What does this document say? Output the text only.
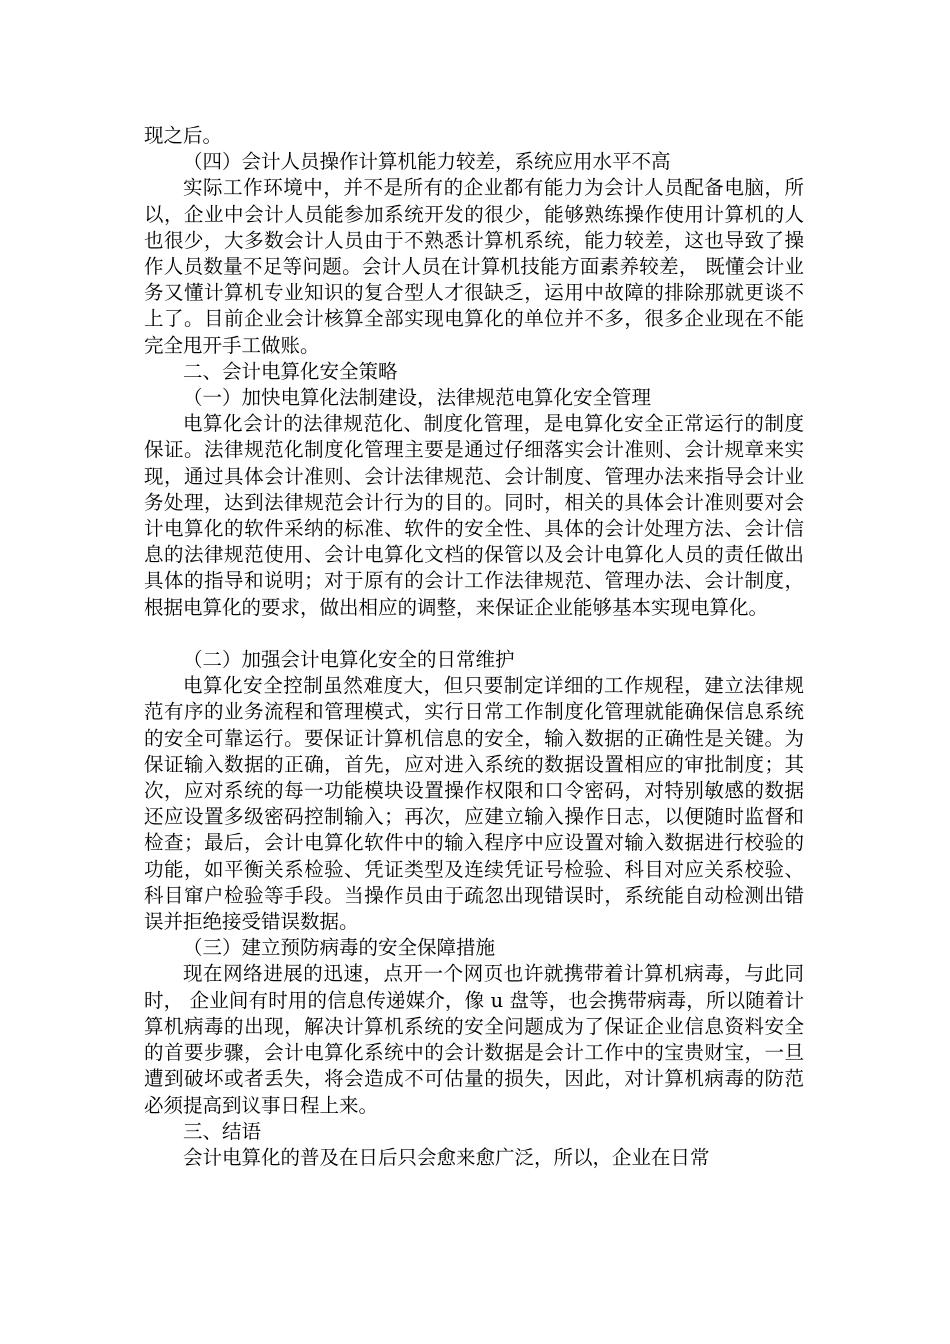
现之后。

（四）会计人员操作计算机能力较差，系统应用水平不高

实际工作环境中，并不是所有的企业都有能力为会计人员配备电脑，所以，企业中会计人员能参加系统开发的很少，能够熟练操作使用计算机的人也很少，大多数会计人员由于不熟悉计算机系统，能力较差，这也导致了操作人员数量不足等问题。会计人员在计算机技能方面素养较差， 既懂会计业务又懂计算机专业知识的复合型人才很缺乏，运用中故障的排除那就更谈不上了。目前企业会计核算全部实现电算化的单位并不多，很多企业现在不能完全甩开手工做账。

二、会计电算化安全策略

（一）加快电算化法制建设，法律规范电算化安全管理

电算化会计的法律规范化、制度化管理，是电算化安全正常运行的制度保证。法律规范化制度化管理主要是通过仔细落实会计准则、会计规章来实现，通过具体会计准则、会计法律规范、会计制度、管理办法来指导会计业务处理，达到法律规范会计行为的目的。同时，相关的具体会计准则要对会计电算化的软件采纳的标准、软件的安全性、具体的会计处理方法、会计信息的法律规范使用、会计电算化文档的保管以及会计电算化人员的责任做出具体的指导和说明；对于原有的会计工作法律规范、管理办法、会计制度，根据电算化的要求，做出相应的调整，来保证企业能够基本实现电算化。

（二）加强会计电算化安全的日常维护

电算化安全控制虽然难度大，但只要制定详细的工作规程，建立法律规范有序的业务流程和管理模式，实行日常工作制度化管理就能确保信息系统的安全可靠运行。要保证计算机信息的安全，输入数据的正确性是关键。为保证输入数据的正确，首先，应对进入系统的数据设置相应的审批制度；其次，应对系统的每一功能模块设置操作权限和口令密码，对特别敏感的数据还应设置多级密码控制输入；再次，应建立输入操作日志，以便随时监督和检查；最后，会计电算化软件中的输入程序中应设置对输入数据进行校验的功能，如平衡关系检验、凭证类型及连续凭证号检验、科目对应关系校验、科目窜户检验等手段。当操作员由于疏忽出现错误时，系统能自动检测出错误并拒绝接受错误数据。

（三）建立预防病毒的安全保障措施

现在网络进展的迅速，点开一个网页也许就携带着计算机病毒，与此同时， 企业间有时用的信息传递媒介，像 u 盘等，也会携带病毒，所以随着计算机病毒的出现，解决计算机系统的安全问题成为了保证企业信息资料安全的首要步骤，会计电算化系统中的会计数据是会计工作中的宝贵财宝，一旦遭到破坏或者丢失，将会造成不可估量的损失，因此，对计算机病毒的防范必须提高到议事日程上来。

三、结语

会计电算化的普及在日后只会愈来愈广泛，所以，企业在日常
